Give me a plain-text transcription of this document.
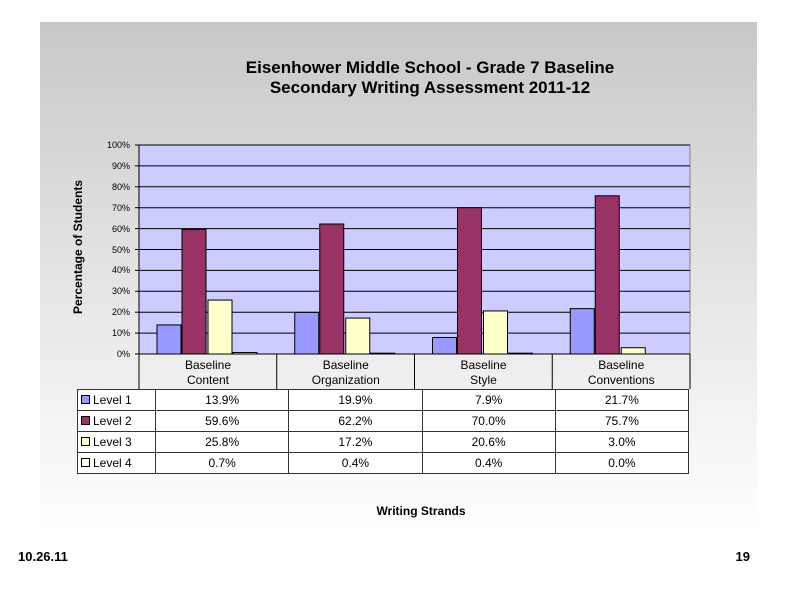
Eisenhower Middle School - Grade 7 Baseline
Secondary Writing Assessment 2011-12
Percentage of Students
0%
10%
20%
30%
40%
50%
60%
70%
80%
90%
100%
Baseline
Content
Baseline
Organization
Baseline
Style
Baseline
Conventions
Level 1	13.9%	19.9%	7.9%	21.7%
Level 2	59.6%	62.2%	70.0%	75.7%
Level 3	25.8%	17.2%	20.6%	3.0%
Level 4	0.7%	0.4%	0.4%	0.0%
Writing Strands
10.26.11	19
